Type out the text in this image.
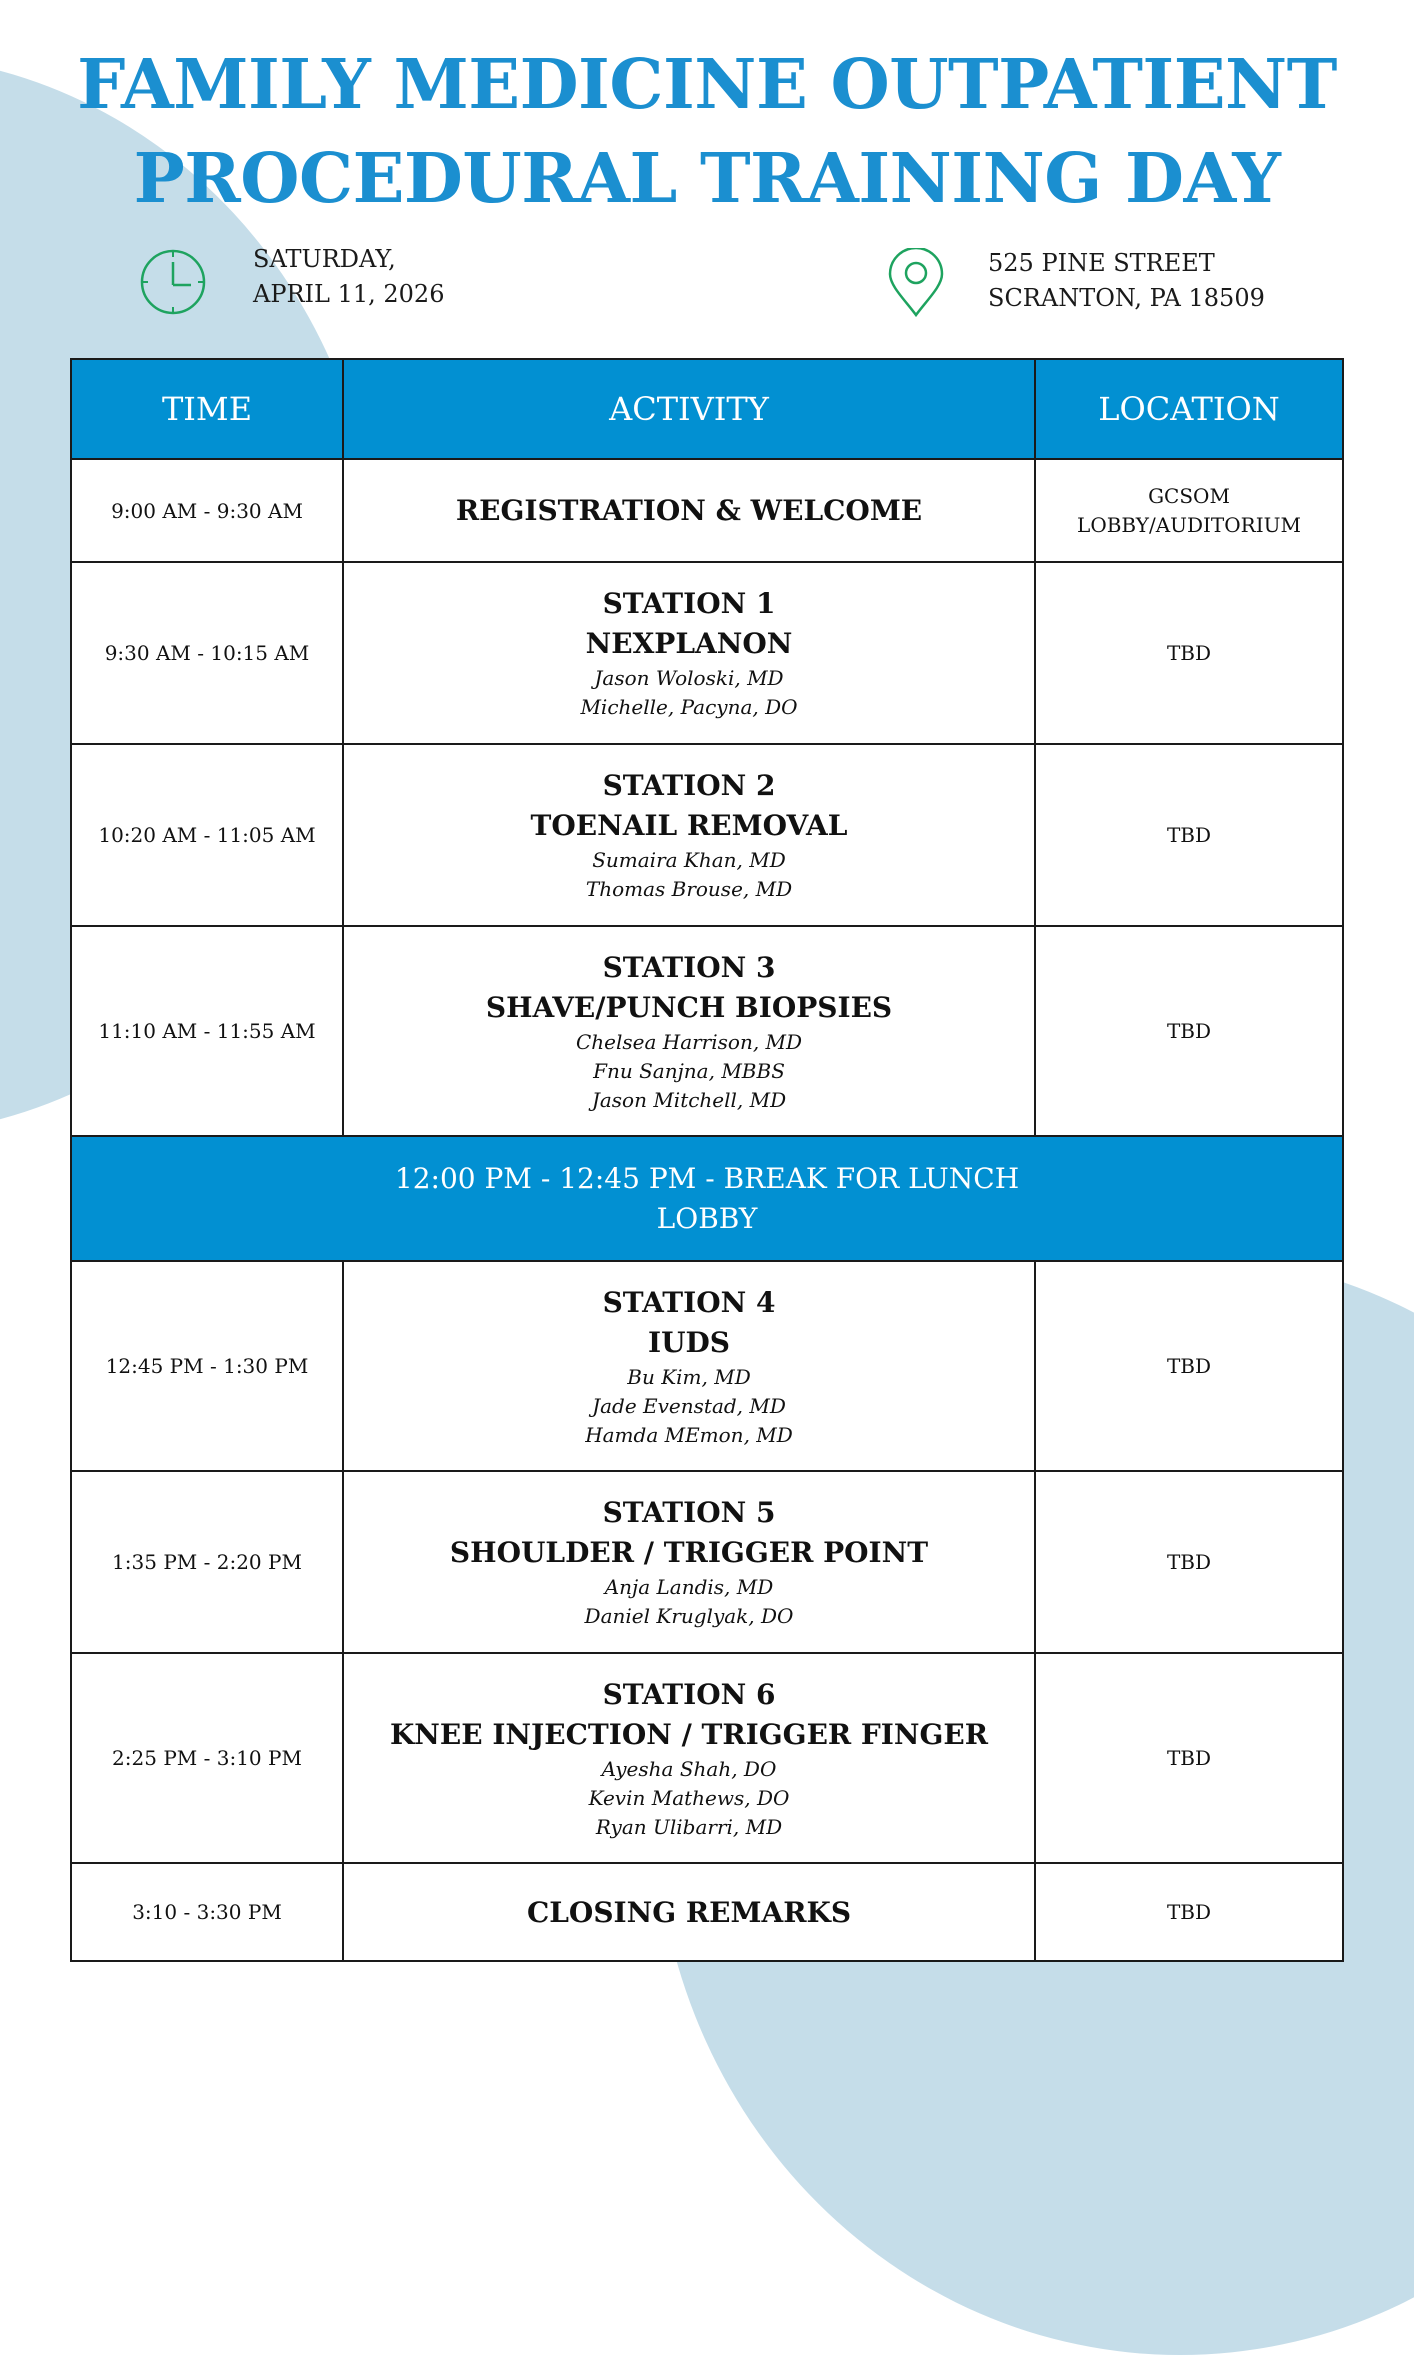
FAMILY MEDICINE OUTPATIENT
PROCEDURAL TRAINING DAY
SATURDAY,
APRIL 11, 2026
525 PINE STREET
SCRANTON, PA 18509
TIME	ACTIVITY	LOCATION
9:00 AM - 9:30 AM	REGISTRATION & WELCOME	GCSOM
LOBBY/AUDITORIUM

9:30 AM - 10:15 AM	STATION 1
NEXPLANON
Jason Woloski, MD
Michelle, Pacyna, DO	TBD
10:20 AM - 11:05 AM	STATION 2
TOENAIL REMOVAL
Sumaira Khan, MD
Thomas Brouse, MD	TBD
11:10 AM - 11:55 AM	STATION 3
SHAVE/PUNCH BIOPSIES
Chelsea Harrison, MD
Fnu Sanjna, MBBS
Jason Mitchell, MD	TBD

12:00 PM - 12:45 PM - BREAK FOR LUNCH
LOBBY		

12:45 PM - 1:30 PM	STATION 4
IUDS
Bu Kim, MD
Jade Evenstad, MD
Hamda MEmon, MD	TBD
1:35 PM - 2:20 PM	STATION 5
SHOULDER / TRIGGER POINT
Anja Landis, MD
Daniel Kruglyak, DO	TBD
2:25 PM - 3:10 PM	STATION 6
KNEE INJECTION / TRIGGER FINGER
Ayesha Shah, DO
Kevin Mathews, DO
Ryan Ulibarri, MD	TBD
3:10 - 3:30 PM	CLOSING REMARKS	TBD
